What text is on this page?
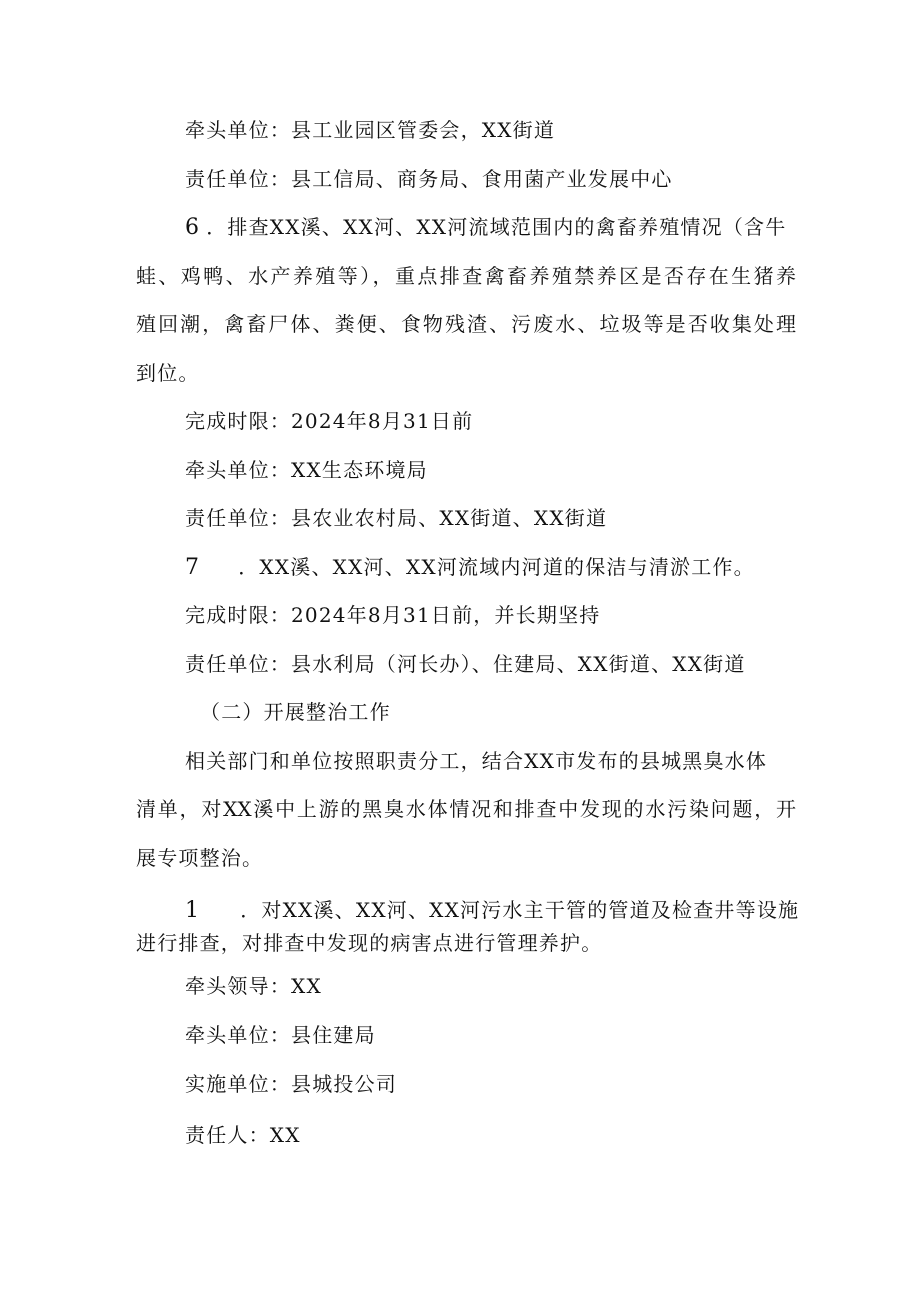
牵头单位：县工业园区管委会，XX街道
责任单位：县工信局、商务局、食用菌产业发展中心
6 ．排查XX溪、XX河、XX河流域范围内的禽畜养殖情况（含牛
蛙、鸡鸭、水产养殖等），重点排查禽畜养殖禁养区是否存在生猪养
殖回潮，禽畜尸体、粪便、食物残渣、污废水、垃圾等是否收集处理
到位。
完成时限：2024年8月31日前
牵头单位：XX生态环境局
责任单位：县农业农村局、XX街道、XX街道
7 ．XX溪、XX河、XX河流域内河道的保洁与清淤工作。
完成时限：2024年8月31日前，并长期坚持
责任单位：县水利局（河长办）、住建局、XX街道、XX街道
（二）开展整治工作
相关部门和单位按照职责分工，结合XX市发布的县城黑臭水体
清单，对XX溪中上游的黑臭水体情况和排查中发现的水污染问题，开
展专项整治。
1 ．对XX溪、XX河、XX河污水主干管的管道及检查井等设施
进行排查，对排查中发现的病害点进行管理养护。
牵头领导：XX
牵头单位：县住建局
实施单位：县城投公司
责任人：XX
